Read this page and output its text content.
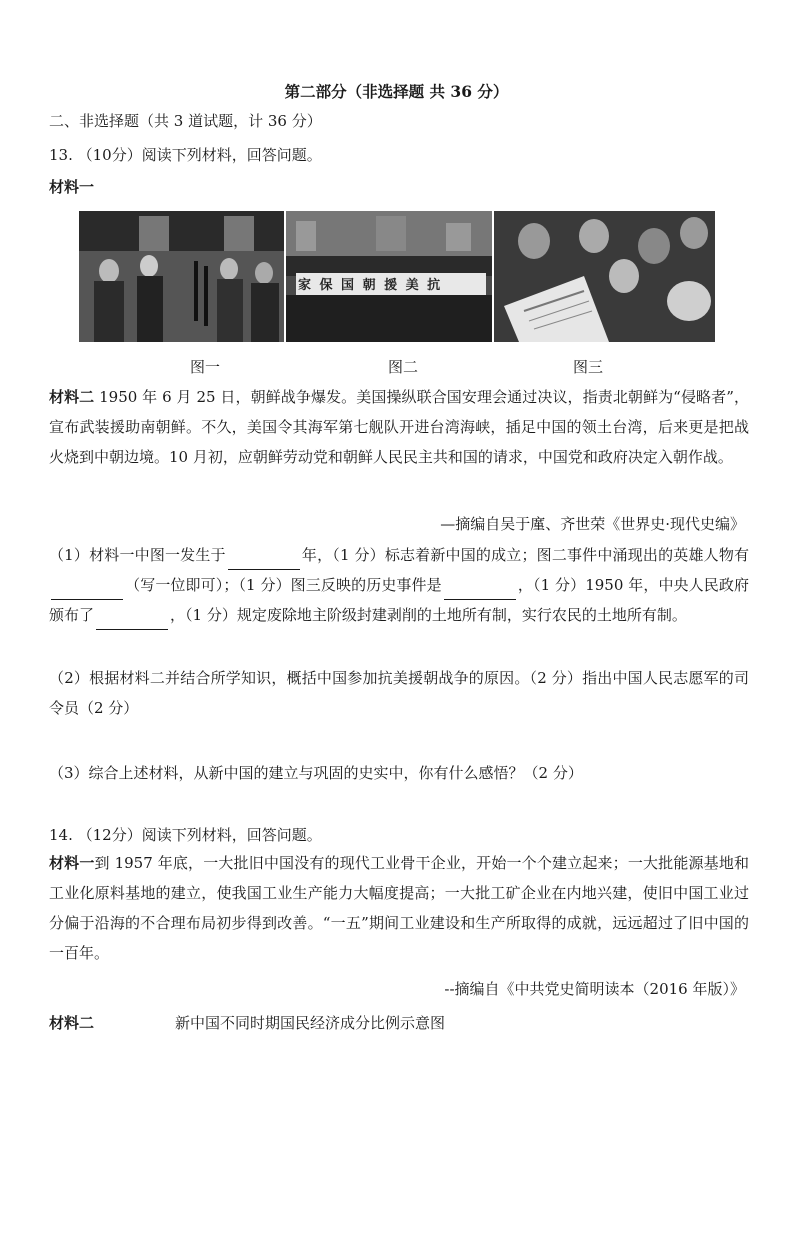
第二部分（非选择题 共 36 分）
二、非选择题（共 3 道试题，计 36 分）
13. （10分）阅读下列材料，回答问题。
材料一
家 保 国 朝 援 美 抗
图一	图二	图三
材料二 1950 年 6 月 25 日，朝鲜战争爆发。美国操纵联合国安理会通过决议，指责北朝鲜为“侵略者”，宣布武装援助南朝鲜。不久，美国令其海军第七舰队开进台湾海峡，插足中国的领土台湾，后来更是把战火烧到中朝边境。10 月初，应朝鲜劳动党和朝鲜人民民主共和国的请求，中国党和政府决定入朝作战。
—摘编自吴于廑、齐世荣《世界史·现代史编》
（1）材料一中图一发生于	年，（1 分）标志着新中国的成立；图二事件中涌现出的英雄人物有（写一位即可）；（1 分）图三反映的历史事件是	，（1 分）1950 年，中央人民政府颁布了	，（1 分）规定废除地主阶级封建剥削的土地所有制，实行农民的土地所有制。
（2）根据材料二并结合所学知识，概括中国参加抗美援朝战争的原因。（2 分）指出中国人民志愿军的司令员（2 分）
（3）综合上述材料，从新中国的建立与巩固的史实中，你有什么感悟？（2 分）
14. （12分）阅读下列材料，回答问题。
材料一到 1957 年底，一大批旧中国没有的现代工业骨干企业，开始一个个建立起来；一大批能源基地和工业化原料基地的建立，使我国工业生产能力大幅度提高；一大批工矿企业在内地兴建，使旧中国工业过分偏于沿海的不合理布局初步得到改善。“一五”期间工业建设和生产所取得的成就，远远超过了旧中国的一百年。
--摘编自《中共党史简明读本（2016 年版）》
材料二	新中国不同时期国民经济成分比例示意图
